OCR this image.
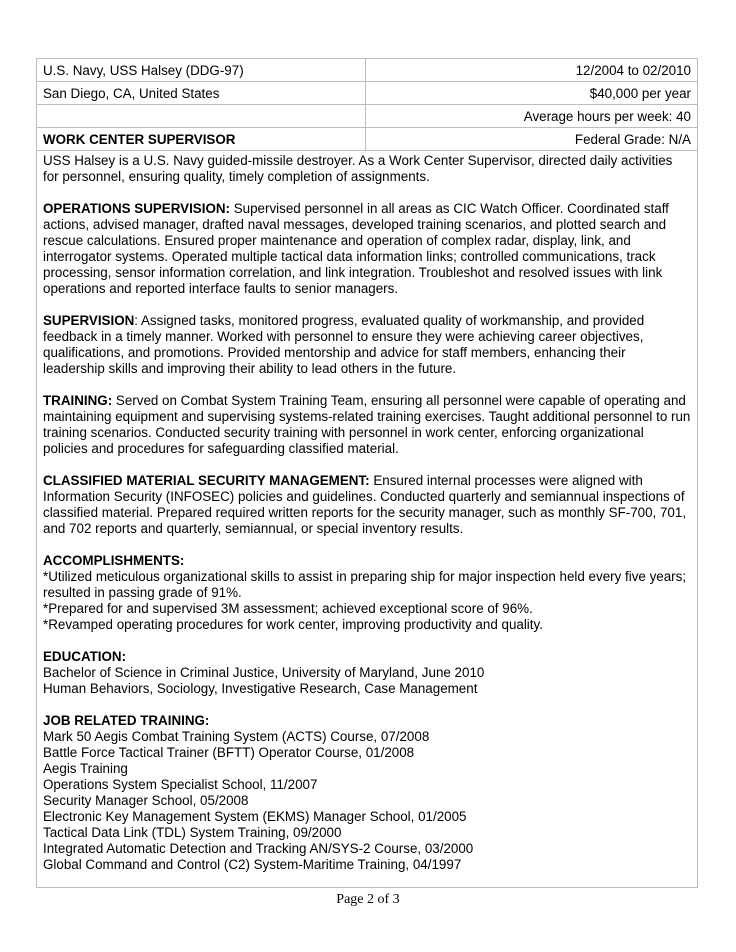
U.S. Navy, USS Halsey (DDG-97)	12/2004 to 02/2010
San Diego, CA, United States	$40,000 per year
	Average hours per week: 40
WORK CENTER SUPERVISOR	Federal Grade: N/A

USS Halsey is a U.S. Navy guided-missile destroyer. As a Work Center Supervisor, directed daily activities for personnel, ensuring quality, timely completion of assignments.

OPERATIONS SUPERVISION: Supervised personnel in all areas as CIC Watch Officer. Coordinated staff actions, advised manager, drafted naval messages, developed training scenarios, and plotted search and rescue calculations. Ensured proper maintenance and operation of complex radar, display, link, and interrogator systems. Operated multiple tactical data information links; controlled communications, track processing, sensor information correlation, and link integration. Troubleshot and resolved issues with link operations and reported interface faults to senior managers.

SUPERVISION: Assigned tasks, monitored progress, evaluated quality of workmanship, and provided feedback in a timely manner. Worked with personnel to ensure they were achieving career objectives, qualifications, and promotions. Provided mentorship and advice for staff members, enhancing their leadership skills and improving their ability to lead others in the future.

TRAINING: Served on Combat System Training Team, ensuring all personnel were capable of operating and maintaining equipment and supervising systems-related training exercises. Taught additional personnel to run training scenarios. Conducted security training with personnel in work center, enforcing organizational policies and procedures for safeguarding classified material.

CLASSIFIED MATERIAL SECURITY MANAGEMENT: Ensured internal processes were aligned with Information Security (INFOSEC) policies and guidelines. Conducted quarterly and semiannual inspections of classified material. Prepared required written reports for the security manager, such as monthly SF-700, 701, and 702 reports and quarterly, semiannual, or special inventory results.

ACCOMPLISHMENTS:
*Utilized meticulous organizational skills to assist in preparing ship for major inspection held every five years; resulted in passing grade of 91%.
*Prepared for and supervised 3M assessment; achieved exceptional score of 96%.
*Revamped operating procedures for work center, improving productivity and quality.

EDUCATION:
Bachelor of Science in Criminal Justice, University of Maryland, June 2010
Human Behaviors, Sociology, Investigative Research, Case Management

JOB RELATED TRAINING:
Mark 50 Aegis Combat Training System (ACTS) Course, 07/2008
Battle Force Tactical Trainer (BFTT) Operator Course, 01/2008
Aegis Training
Operations System Specialist School, 11/2007
Security Manager School, 05/2008
Electronic Key Management System (EKMS) Manager School, 01/2005
Tactical Data Link (TDL) System Training, 09/2000
Integrated Automatic Detection and Tracking AN/SYS-2 Course, 03/2000
Global Command and Control (C2) System-Maritime Training, 04/1997

Page 2 of 3
